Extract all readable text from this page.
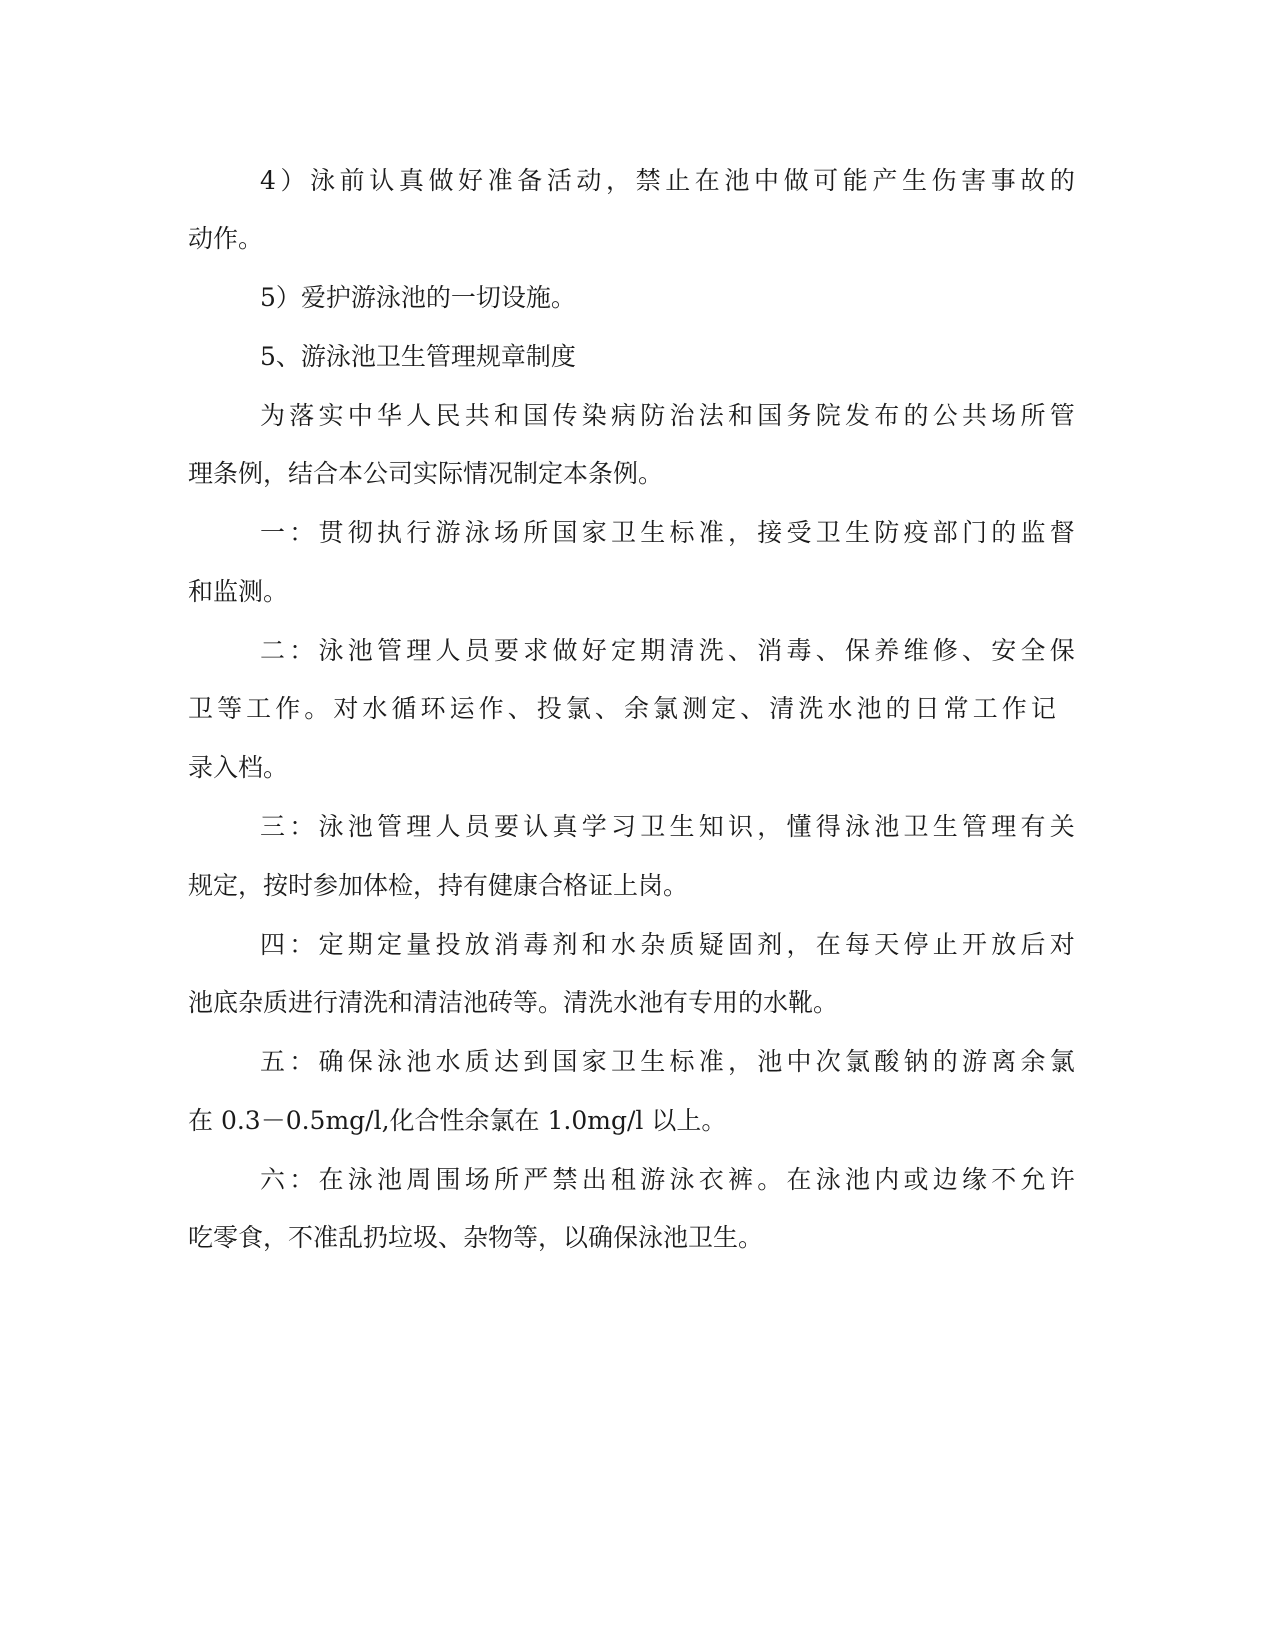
4 ） 泳 前 认 真 做 好 准 备 活 动 ， 禁 止 在 池 中 做 可 能 产 生 伤 害 事 故 的
动作。
5）爱护游泳池的一切设施。
5、游泳池卫生管理规章制度
为 落 实 中 华 人 民 共 和 国 传 染 病 防 治 法 和 国 务 院 发 布 的 公 共 场 所 管
理条例，结合本公司实际情况制定本条例。
一 ： 贯 彻 执 行 游 泳 场 所 国 家 卫 生 标 准 ， 接 受 卫 生 防 疫 部 门 的 监 督
和监测。
二 ： 泳 池 管 理 人 员 要 求 做 好 定 期 清 洗 、 消 毒 、 保 养 维 修 、 安 全 保
卫 等 工 作 。 对 水 循 环 运 作 、 投 氯 、 余 氯 测 定 、 清 洗 水 池 的 日 常 工 作 记
录入档。
三 ： 泳 池 管 理 人 员 要 认 真 学 习 卫 生 知 识 ， 懂 得 泳 池 卫 生 管 理 有 关
规定，按时参加体检，持有健康合格证上岗。
四 ： 定 期 定 量 投 放 消 毒 剂 和 水 杂 质 疑 固 剂 ， 在 每 天 停 止 开 放 后 对
池底杂质进行清洗和清洁池砖等。清洗水池有专用的水靴。
五 ： 确 保 泳 池 水 质 达 到 国 家 卫 生 标 准 ， 池 中 次 氯 酸 钠 的 游 离 余 氯
在 0.3－0.5mg/l,化合性余氯在 1.0mg/l 以上。
六 ： 在 泳 池 周 围 场 所 严 禁 出 租 游 泳 衣 裤 。 在 泳 池 内 或 边 缘 不 允 许
吃零食，不准乱扔垃圾、杂物等，以确保泳池卫生。
